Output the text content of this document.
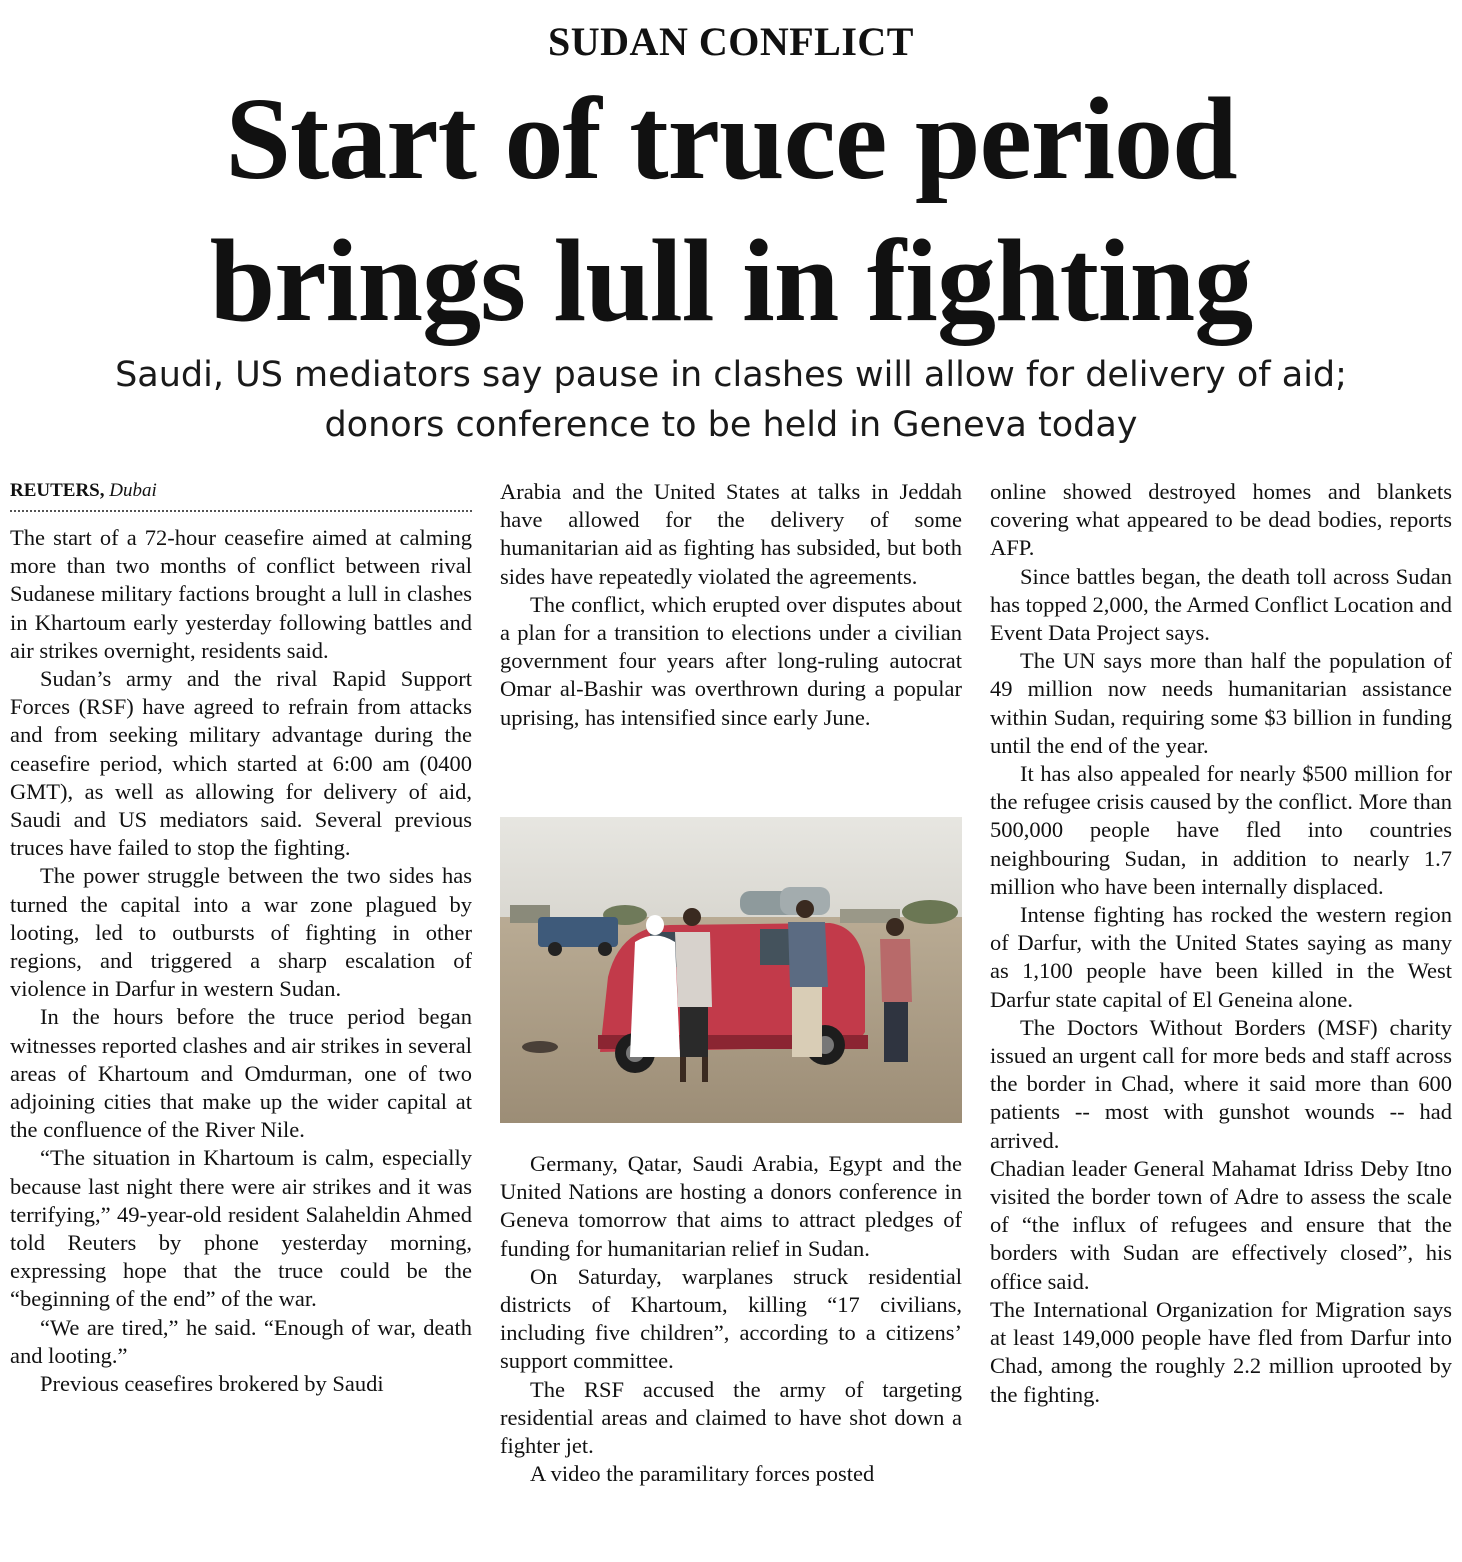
SUDAN CONFLICT
Start of truce period
brings lull in fighting
Saudi, US mediators say pause in clashes will allow for delivery of aid;
donors conference to be held in Geneva today

REUTERS, Dubai

The start of a 72-hour ceasefire aimed at calming more than two months of conflict between rival Sudanese military factions brought a lull in clashes in Khartoum early yesterday following battles and air strikes overnight, residents said.

Sudan’s army and the rival Rapid Support Forces (RSF) have agreed to refrain from attacks and from seeking military advantage during the ceasefire period, which started at 6:00 am (0400 GMT), as well as allowing for delivery of aid, Saudi and US mediators said. Several previous truces have failed to stop the fighting.

The power struggle between the two sides has turned the capital into a war zone plagued by looting, led to outbursts of fighting in other regions, and triggered a sharp escalation of violence in Darfur in western Sudan.

In the hours before the truce period began witnesses reported clashes and air strikes in several areas of Khartoum and Omdurman, one of two adjoining cities that make up the wider capital at the confluence of the River Nile.

“The situation in Khartoum is calm, especially because last night there were air strikes and it was terrifying,” 49-year-old resident Salaheldin Ahmed told Reuters by phone yesterday morning, expressing hope that the truce could be the “beginning of the end” of the war.

“We are tired,” he said. “Enough of war, death and looting.”

Previous ceasefires brokered by Saudi

Arabia and the United States at talks in Jeddah have allowed for the delivery of some humanitarian aid as fighting has subsided, but both sides have repeatedly violated the agreements.

The conflict, which erupted over disputes about a plan for a transition to elections under a civilian government four years after long-ruling autocrat Omar al-Bashir was overthrown during a popular uprising, has intensified since early June.

Germany, Qatar, Saudi Arabia, Egypt and the United Nations are hosting a donors conference in Geneva tomorrow that aims to attract pledges of funding for humanitarian relief in Sudan.

On Saturday, warplanes struck residential districts of Khartoum, killing “17 civilians, including five children”, according to a citizens’ support committee.

The RSF accused the army of targeting residential areas and claimed to have shot down a fighter jet.

A video the paramilitary forces posted

online showed destroyed homes and blankets covering what appeared to be dead bodies, reports AFP.

Since battles began, the death toll across Sudan has topped 2,000, the Armed Conflict Location and Event Data Project says.

The UN says more than half the population of 49 million now needs humanitarian assistance within Sudan, requiring some $3 billion in funding until the end of the year.

It has also appealed for nearly $500 million for the refugee crisis caused by the conflict. More than 500,000 people have fled into countries neighbouring Sudan, in addition to nearly 1.7 million who have been internally displaced.

Intense fighting has rocked the western region of Darfur, with the United States saying as many as 1,100 people have been killed in the West Darfur state capital of El Geneina alone.

The Doctors Without Borders (MSF) charity issued an urgent call for more beds and staff across the border in Chad, where it said more than 600 patients -- most with gunshot wounds -- had arrived.

Chadian leader General Mahamat Idriss Deby Itno visited the border town of Adre to assess the scale of “the influx of refugees and ensure that the borders with Sudan are effectively closed”, his office said.

The International Organization for Migration says at least 149,000 people have fled from Darfur into Chad, among the roughly 2.2 million uprooted by the fighting.
